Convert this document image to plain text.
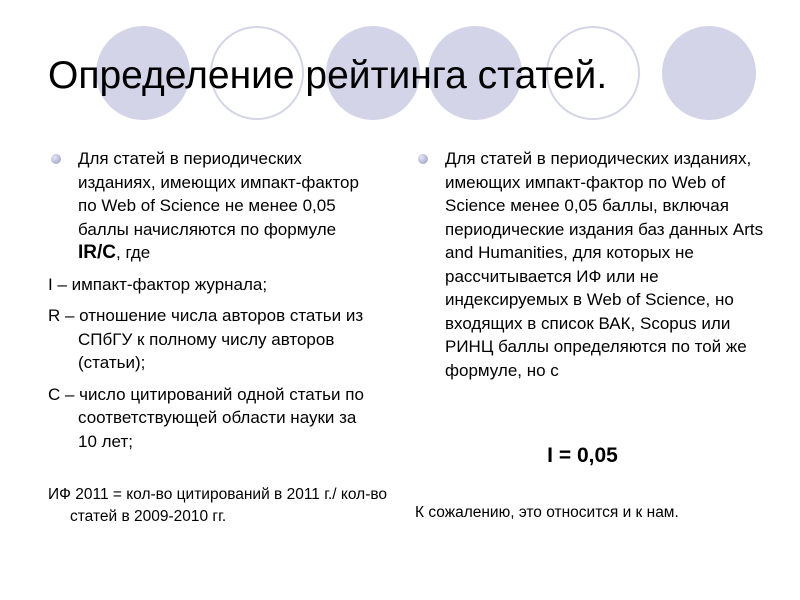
Определение рейтинга статей.

Для статей в периодических изданиях, имеющих импакт-фактор по Web of Science не менее 0,05 баллы начисляются по формуле IR/C, где

I – импакт-фактор журнала;

R – отношение числа авторов статьи из СПбГУ к полному числу авторов (статьи);

С – число цитирований одной статьи по соответствующей области науки за 10 лет;

ИФ 2011 = кол-во цитирований в 2011 г./ кол-во статей в 2009-2010 гг.

Для статей в периодических изданиях, имеющих импакт-фактор по Web of Science менее 0,05 баллы, включая периодические издания баз данных Arts and Humanities, для которых не рассчитывается ИФ или не индексируемых в Web of Science, но входящих в список ВАК, Scopus или РИНЦ баллы определяются по той же формуле, но с

I = 0,05
К сожалению, это относится и к нам.
